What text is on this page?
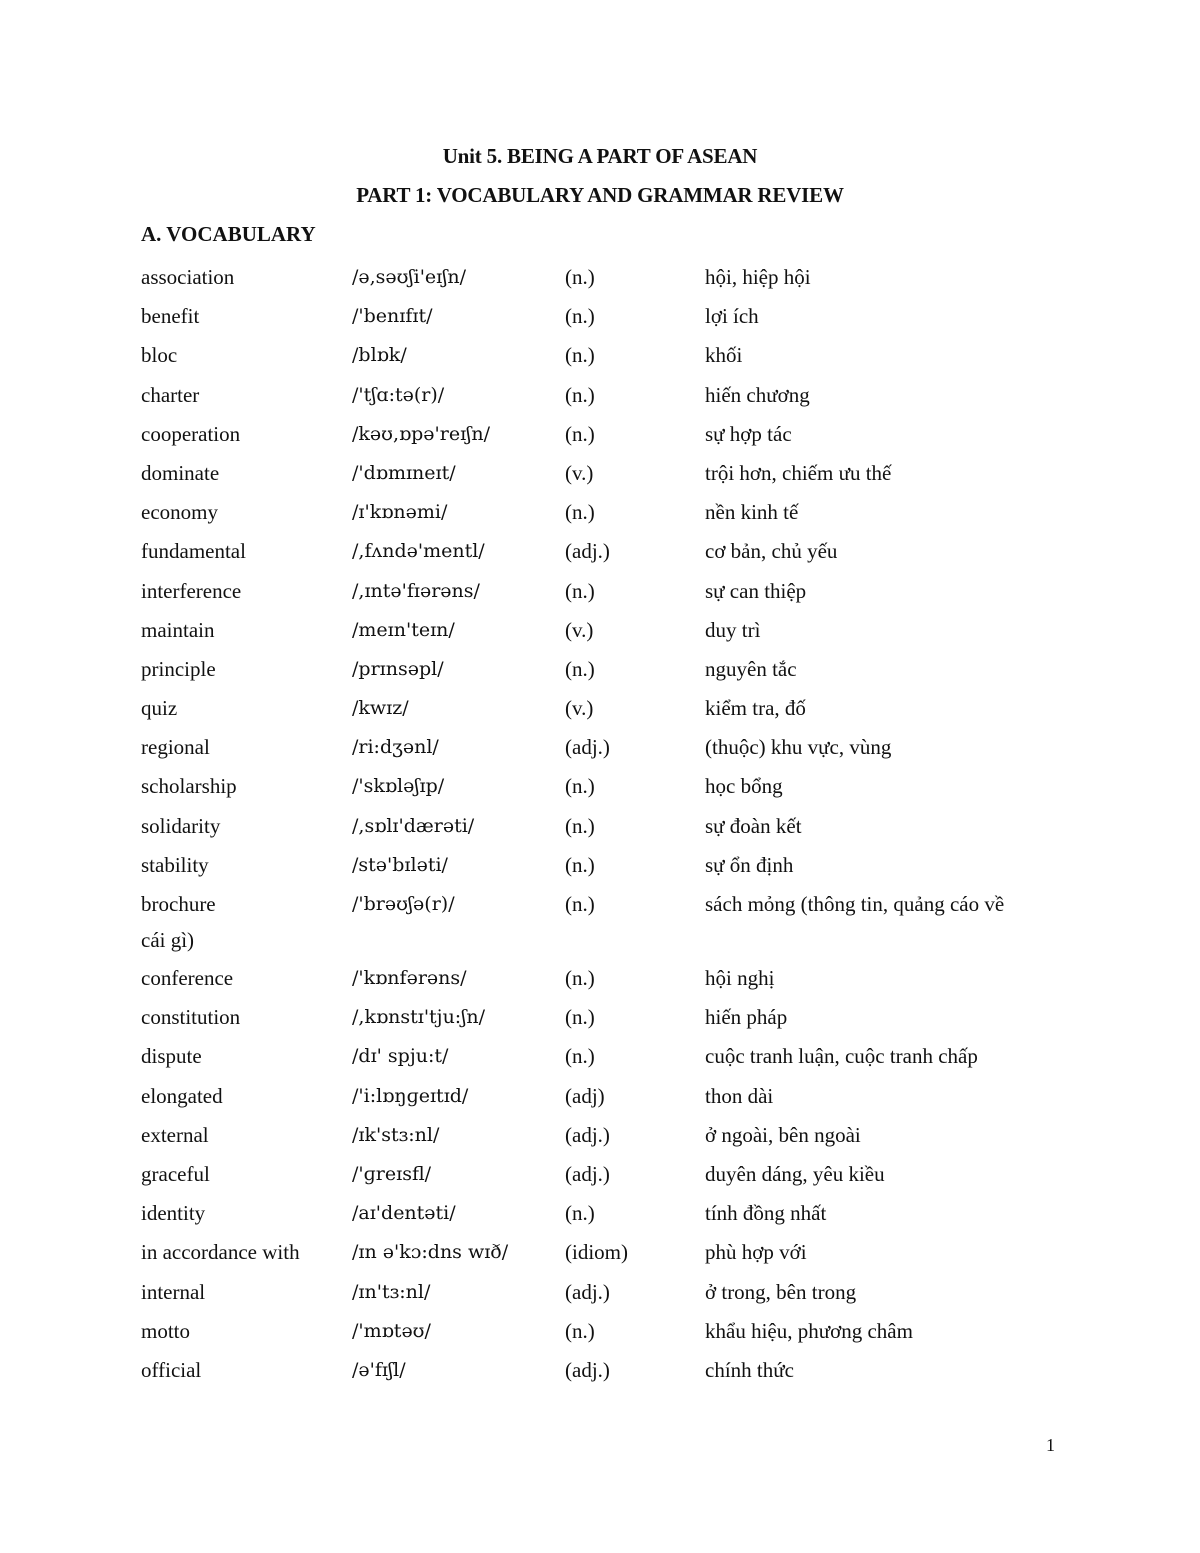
Unit 5. BEING A PART OF ASEAN
PART 1: VOCABULARY AND GRAMMAR REVIEW
A. VOCABULARY
association	/ə,səʊʃi'eɪʃn/	(n.)	hội, hiệp hội
benefit	/'benɪfɪt/	(n.)	lợi ích
bloc	/blɒk/	(n.)	khối
charter	/'tʃɑ:tə(r)/	(n.)	hiến chương
cooperation	/kəʊ,ɒpə'reɪʃn/	(n.)	sự hợp tác
dominate	/'dɒmɪneɪt/	(v.)	trội hơn, chiếm ưu thế
economy	/ɪ'kɒnəmi/	(n.)	nền kinh tế
fundamental	/,fʌndə'mentl/	(adj.)	cơ bản, chủ yếu
interference	/,ɪntə'fɪərəns/	(n.)	sự can thiệp
maintain	/meɪn'teɪn/	(v.)	duy trì
principle	/prɪnsəpl/	(n.)	nguyên tắc
quiz	/kwɪz/	(v.)	kiểm tra, đố
regional	/ri:dʒənl/	(adj.)	(thuộc) khu vực, vùng
scholarship	/'skɒləʃɪp/	(n.)	học bổng
solidarity	/,sɒlɪ'dærəti/	(n.)	sự đoàn kết
stability	/stə'bɪləti/	(n.)	sự ổn định
brochure	/'brəʊʃə(r)/	(n.)	sách mỏng (thông tin, quảng cáo về
cái gì)
conference	/'kɒnfərəns/	(n.)	hội nghị
constitution	/,kɒnstɪ'tju:ʃn/	(n.)	hiến pháp
dispute	/dɪ' spju:t/	(n.)	cuộc tranh luận, cuộc tranh chấp
elongated	/'i:lɒŋɡeɪtɪd/	(adj)	thon dài
external	/ɪk'stɜ:nl/	(adj.)	ở ngoài, bên ngoài
graceful	/'ɡreɪsfl/	(adj.)	duyên dáng, yêu kiều
identity	/aɪ'dentəti/	(n.)	tính đồng nhất
in accordance with	/ɪn ə'kɔ:dns wɪð/	(idiom)	phù hợp với
internal	/ɪn'tɜ:nl/	(adj.)	ở trong, bên trong
motto	/'mɒtəʊ/	(n.)	khẩu hiệu, phương châm
official	/ə'fɪʃl/	(adj.)	chính thức
1
